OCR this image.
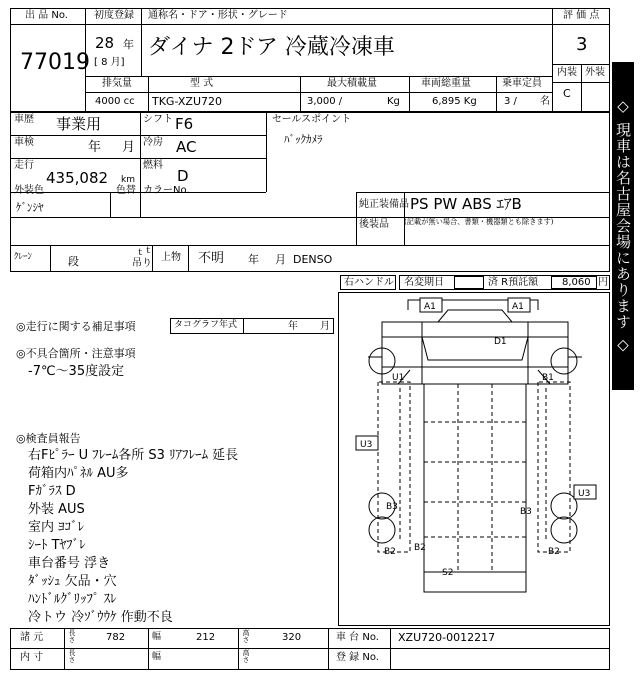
出 品 No.
77019
初度登録
28 年
[ 8 月]
通称名・ドア・形状・グレード
ダイナ 2ドア 冷蔵冷凍車
評 価 点
3
内装 外装
C
排気量	型 式	最大積載量	車両総重量	乗車定員
4000 cc TKG-XZU720	3,000 /	Kg	6,895 Kg	3 / 名	◇ 現車は名古屋会場にあります ◇
車歴 事業用	シフト F6
車検	年 月 冷房 AC
走行
435,082 km
燃料
D
セールスポイント
ﾊﾞｯｸｶﾒﾗ
外装色
ｹﾞﾝｼﾔ
色替
ｔ
カラーNo.
純正装備品 PS PW ABS ｴｱB
後装品 (記載が無い場合、書類・機器類とも除きます)
ｸﾚｰﾝ	段
ｔ
吊り
上物 不明 年 月 DENSO
右ハンドル 名変期日	済 R預託額 8,060 円
◎走行に関する補足事項	タコグラフ年式	年 月
◎不具合箇所・注意事項
-7℃～35度設定
◎検査員報告
右Fﾋﾟﾗｰ U ﾌﾚｰﾑ各所 S3 ﾘｱﾌﾚｰﾑ 延長
荷箱内ﾊﾟﾈﾙ AU多
Fｶﾞﾗｽ D
外装 AUS
室内 ﾖｺﾞﾚ
ｼｰﾄ Tﾔﾌﾞﾚ
車台番号 浮き
ﾀﾞｯｼｭ 欠品・穴
ﾊﾝﾄﾞﾙｸﾞﾘｯﾌﾟ ｽﾚ
冷トウ 冷ｿﾞｳｳｹ 作動不良
A1	A1
D1
U1	B1
U3
U3
B3	B3
B2 B2	B2
S2
諸 元	長さ	782	幅	212	高さ	320	車 台 No. XZU720-0012217
内 寸	長さ	幅	高さ	登 録 No.
